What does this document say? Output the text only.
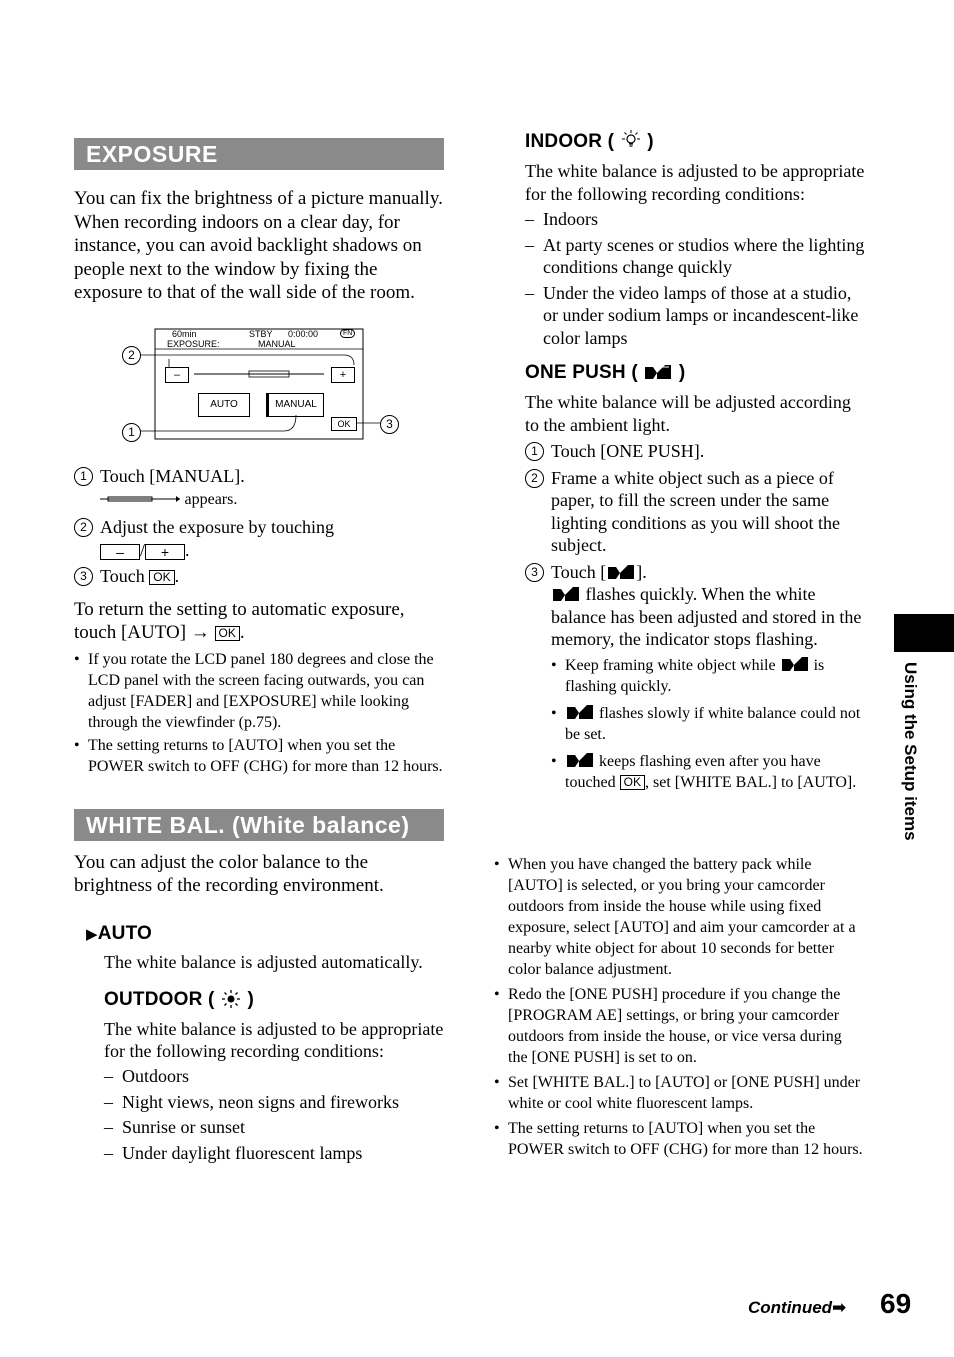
EXPOSURE

You can fix the brightness of a picture manually. When recording indoors on a clear day, for instance, you can avoid backlight shadows on people next to the window by fixing the exposure to that of the wall side of the room.

60min	STBY 0:00:00	FN
EXPOSURE:	MANUAL
–	+
AUTO	MANUAL
OK
2
1
3
1 Touch [MANUAL].
appears.
2 Adjust the exposure by touching
– / + .
3 Touch OK .

To return the setting to automatic exposure, touch [AUTO] → OK .

• If you rotate the LCD panel 180 degrees and close the LCD panel with the screen facing outwards, you can adjust [FADER] and [EXPOSURE] while looking through the viewfinder (p.75).
• The setting returns to [AUTO] when you set the POWER switch to OFF (CHG) for more than 12 hours.
WHITE BAL. (White balance)

You can adjust the color balance to the brightness of the recording environment.

▶AUTO

The white balance is adjusted automatically.

OUTDOOR ( )

The white balance is adjusted to be appropriate for the following recording conditions:

– Outdoors
– Night views, neon signs and fireworks
– Sunrise or sunset
– Under daylight fluorescent lamps

INDOOR ( )

The white balance is adjusted to be appropriate for the following recording conditions:

– Indoors
– At party scenes or studios where the lighting conditions change quickly
– Under the video lamps of those at a studio, or under sodium lamps or incandescent-like color lamps

ONE PUSH ( )

The white balance will be adjusted according to the ambient light.

1 Touch [ONE PUSH].
2 Frame a white object such as a piece of paper, to fill the screen under the same lighting conditions as you will shoot the subject.
3 Touch [ ].
flashes quickly. When the white balance has been adjusted and stored in the memory, the indicator stops flashing.
• Keep framing white object while is flashing quickly.
• flashes slowly if white balance could not be set.
• keeps flashing even after you have touched OK , set [WHITE BAL.] to [AUTO].
• When you have changed the battery pack while [AUTO] is selected, or you bring your camcorder outdoors from inside the house while using fixed exposure, select [AUTO] and aim your camcorder at a nearby white object for about 10 seconds for better color balance adjustment.
• Redo the [ONE PUSH] procedure if you change the [PROGRAM AE] settings, or bring your camcorder outdoors from inside the house, or vice versa during the [ONE PUSH] is set to on.
• Set [WHITE BAL.] to [AUTO] or [ONE PUSH] under white or cool white fluorescent lamps.
• The setting returns to [AUTO] when you set the POWER switch to OFF (CHG) for more than 12 hours.
Using the Setup items
Continued➡ 69
